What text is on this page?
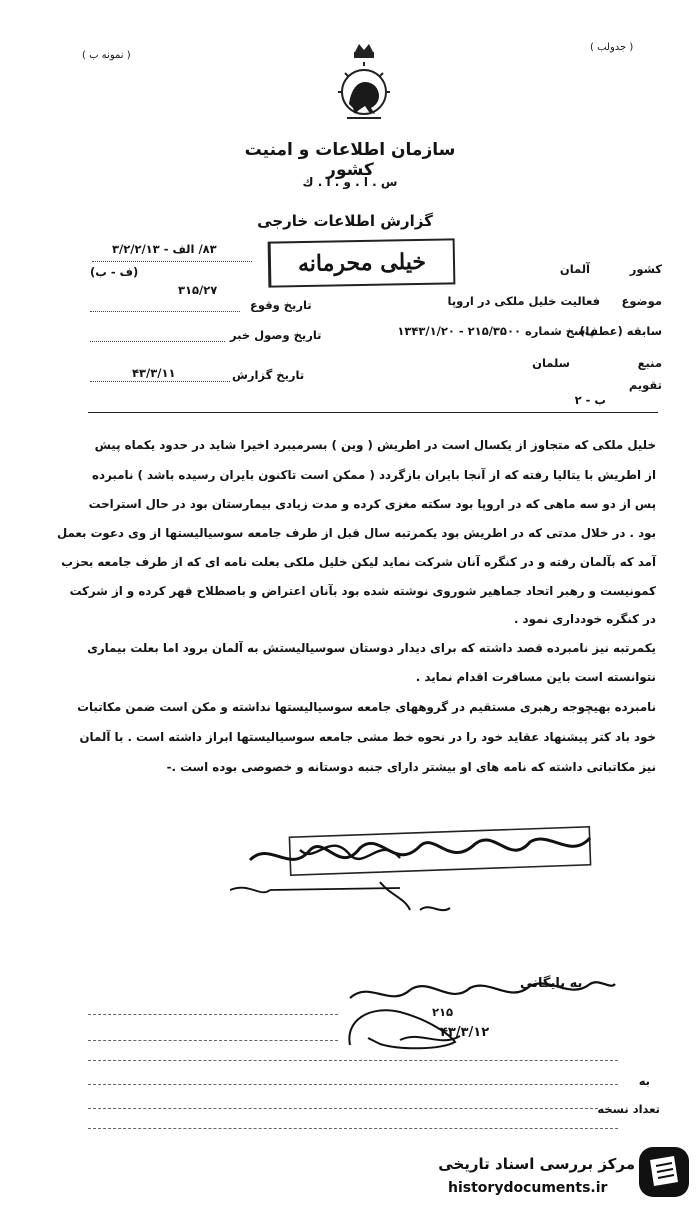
( نمونه ب )
( جدولب )
سازمان اطلاعات و امنیت کشور
س . ا . و . ا . ك
گزارش اطلاعات خارجی
خیلی محرمانه
۸۳/ الف - ۳/۲/۲/۱۳
(ف - ب)
۳۱۵/۲۷
کشور
آلمان
موضوع
فعالیت خلیل ملکی در اروپا
تاریخ وقوع
سابقه (عطف)
پاسخ شماره ۲۱۵/۳۵۰۰ - ۱۳۴۳/۱/۲۰
تاریخ وصول خبر
منبع
سلمان
تاریخ گزارش
۴۳/۳/۱۱
تقویم
ب - ۲
خلیل ملکی که متجاوز از یکسال است در اطریش ( وین ) بسرمیبرد اخیرا شاید در حدود یکماه پیش
از اطریش با یتالیا رفته که از آنجا بایران بازگردد ( ممکن است تاکنون بایران رسیده باشد ) نامبرده
پس از دو سه ماهی که در اروپا بود سکته مغزی کرده و مدت زیادی بیمارستان بود در حال استراحت
بود . در خلال مدتی که در اطریش بود یکمرتبه سال قبل از طرف جامعه سوسیالیستها از وی دعوت بعمل
آمد که بآلمان رفته و در کنگره آنان شرکت نماید لیکن خلیل ملکی بعلت نامه ای که از طرف جامعه بحزب
کمونیست و رهبر اتحاد جماهیر شوروی نوشته شده بود بآنان اعتراض و باصطلاح قهر کرده و از شرکت
در کنگره خودداری نمود .
یکمرتبه نیز نامبرده قصد داشته که برای دیدار دوستان سوسیالیستش به آلمان برود اما بعلت بیماری
نتوانسته است باین مسافرت اقدام نماید .
نامبرده بهیچوجه رهبری مستقیم در گروههای جامعه سوسیالیستها نداشته و مکن است ضمن مکاتبات
خود باد کتر پیشنهاد عقاید خود را در نحوه خط مشی جامعه سوسیالیستها ابراز داشته است . با آلمان
نیز مکاتباتی داشته که نامه های او بیشتر دارای جنبه دوستانه و خصوصی بوده است .-
به بایگانی
۲۱۵
۴۳/۳/۱۲
به
تعداد نسخه
مرکز بررسی اسناد تاریخی
historydocuments.ir
